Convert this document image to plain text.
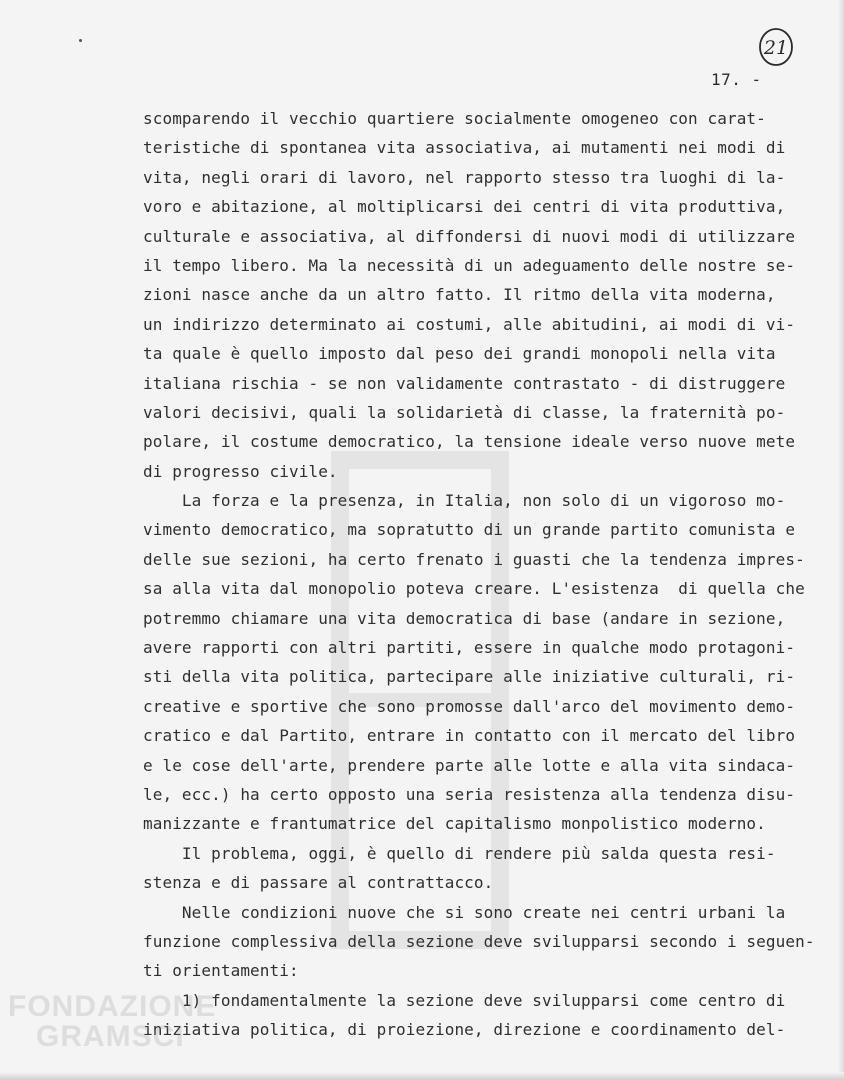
21
17. -
scomparendo il vecchio quartiere socialmente omogeneo con carat-
teristiche di spontanea vita associativa, ai mutamenti nei modi di
vita, negli orari di lavoro, nel rapporto stesso tra luoghi di la-
voro e abitazione, al moltiplicarsi dei centri di vita produttiva,
culturale e associativa, al diffondersi di nuovi modi di utilizzare
il tempo libero. Ma la necessità di un adeguamento delle nostre se-
zioni nasce anche da un altro fatto. Il ritmo della vita moderna,
un indirizzo determinato ai costumi, alle abitudini, ai modi di vi-
ta quale è quello imposto dal peso dei grandi monopoli nella vita
italiana rischia - se non validamente contrastato - di distruggere
valori decisivi, quali la solidarietà di classe, la fraternità po-
polare, il costume democratico, la tensione ideale verso nuove mete
di progresso civile.
La forza e la presenza, in Italia, non solo di un vigoroso mo-
vimento democratico, ma sopratutto di un grande partito comunista e
delle sue sezioni, ha certo frenato i guasti che la tendenza impres-
sa alla vita dal monopolio poteva creare. L'esistenza  di quella che
potremmo chiamare una vita democratica di base (andare in sezione,
avere rapporti con altri partiti, essere in qualche modo protagoni-
sti della vita politica, partecipare alle iniziative culturali, ri-
creative e sportive che sono promosse dall'arco del movimento demo-
cratico e dal Partito, entrare in contatto con il mercato del libro
e le cose dell'arte, prendere parte alle lotte e alla vita sindaca-
le, ecc.) ha certo opposto una seria resistenza alla tendenza disu-
manizzante e frantumatrice del capitalismo monpolistico moderno.
Il problema, oggi, è quello di rendere più salda questa resi-
stenza e di passare al contrattacco.
Nelle condizioni nuove che si sono create nei centri urbani la
funzione complessiva della sezione deve svilupparsi secondo i seguen-
ti orientamenti:
1) fondamentalmente la sezione deve svilupparsi come centro di
iniziativa politica, di proiezione, direzione e coordinamento del-
FONDAZIONE
GRAMSCI
